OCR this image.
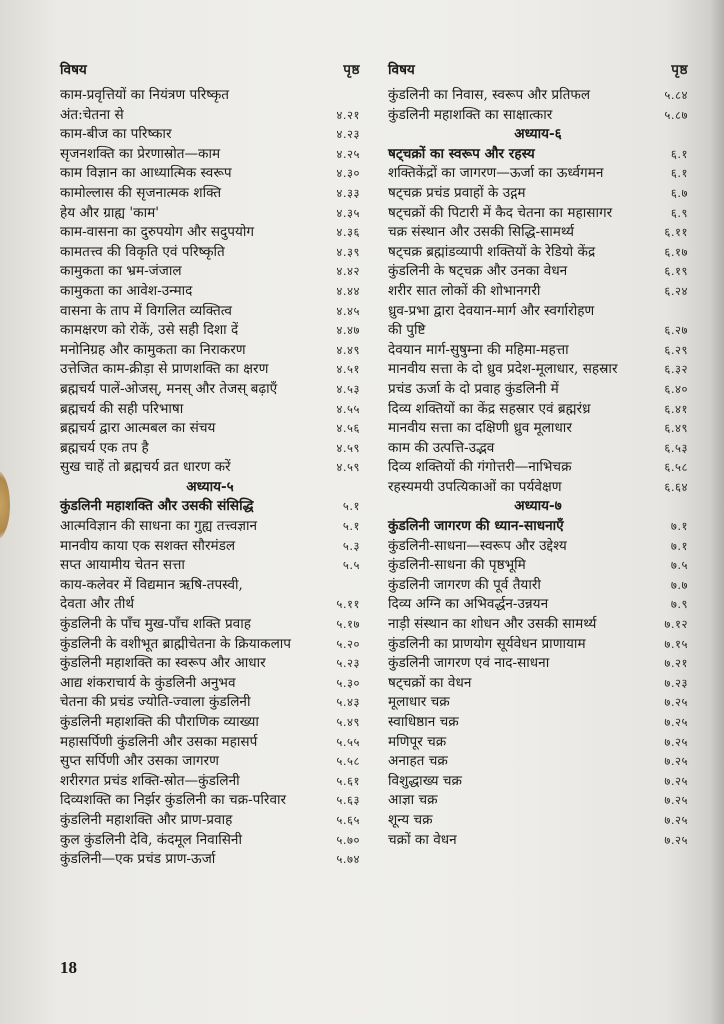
विषय	पृष्ठ
काम-प्रवृत्तियों का नियंत्रण परिष्कृत
अंत:चेतना से	४.२१
काम-बीज का परिष्कार	४.२३
सृजनशक्ति का प्रेरणास्रोत—काम	४.२५
काम विज्ञान का आध्यात्मिक स्वरूप	४.३०
कामोल्लास की सृजनात्मक शक्ति	४.३३
हेय और ग्राह्य 'काम'	४.३५
काम-वासना का दुरुपयोग और सदुपयोग	४.३६
कामतत्त्व की विकृति एवं परिष्कृति	४.३९
कामुकता का भ्रम-जंजाल	४.४२
कामुकता का आवेश-उन्माद	४.४४
वासना के ताप में विगलित व्यक्तित्व	४.४५
कामक्षरण को रोकें, उसे सही दिशा दें	४.४७
मनोनिग्रह और कामुकता का निराकरण	४.४९
उत्तेजित काम-क्रीड़ा से प्राणशक्ति का क्षरण	४.५१
ब्रह्मचर्य पालें-ओजस्, मनस् और तेजस् बढ़ाएँ	४.५३
ब्रह्मचर्य की सही परिभाषा	४.५५
ब्रह्मचर्य द्वारा आत्मबल का संचय	४.५६
ब्रह्मचर्य एक तप है	४.५९
सुख चाहें तो ब्रह्मचर्य व्रत धारण करें	४.५९
अध्याय-५
कुंडलिनी महाशक्ति और उसकी संसिद्धि	५.१
आत्मविज्ञान की साधना का गुह्य तत्त्वज्ञान	५.१
मानवीय काया एक सशक्त सौरमंडल	५.३
सप्त आयामीय चेतन सत्ता	५.५
काय-कलेवर में विद्यमान ऋषि-तपस्वी,
देवता और तीर्थ	५.११
कुंडलिनी के पाँच मुख-पाँच शक्ति प्रवाह	५.१७
कुंडलिनी के वशीभूत ब्राह्मीचेतना के क्रियाकलाप	५.२०
कुंडलिनी महाशक्ति का स्वरूप और आधार	५.२३
आद्य शंकराचार्य के कुंडलिनी अनुभव	५.३०
चेतना की प्रचंड ज्योति-ज्वाला कुंडलिनी	५.४३
कुंडलिनी महाशक्ति की पौराणिक व्याख्या	५.४९
महासर्पिणी कुंडलिनी और उसका महासर्प	५.५५
सुप्त सर्पिणी और उसका जागरण	५.५८
शरीरगत प्रचंड शक्ति-स्रोत—कुंडलिनी	५.६१
दिव्यशक्ति का निर्झर कुंडलिनी का चक्र-परिवार	५.६३
कुंडलिनी महाशक्ति और प्राण-प्रवाह	५.६५
कुल कुंडलिनी देवि, कंदमूल निवासिनी	५.७०
कुंडलिनी—एक प्रचंड प्राण-ऊर्जा	५.७४
विषय	पृष्ठ
कुंडलिनी का निवास, स्वरूप और प्रतिफल	५.८४
कुंडलिनी महाशक्ति का साक्षात्कार	५.८७
अध्याय-६
षट्चक्रों का स्वरूप और रहस्य	६.१
शक्तिकेंद्रों का जागरण—ऊर्जा का ऊर्ध्वगमन	६.१
षट्चक्र प्रचंड प्रवाहों के उद्गम	६.७
षट्चक्रों की पिटारी में कैद चेतना का महासागर	६.९
चक्र संस्थान और उसकी सिद्धि-सामर्थ्य	६.११
षट्चक्र ब्रह्मांडव्यापी शक्तियों के रेडियो केंद्र	६.१७
कुंडलिनी के षट्चक्र और उनका वेधन	६.१९
शरीर सात लोकों की शोभानगरी	६.२४
ध्रुव-प्रभा द्वारा देवयान-मार्ग और स्वर्गारोहण
की पुष्टि	६.२७
देवयान मार्ग-सुषुम्ना की महिमा-महत्ता	६.२९
मानवीय सत्ता के दो ध्रुव प्रदेश-मूलाधार, सहस्रार	६.३२
प्रचंड ऊर्जा के दो प्रवाह कुंडलिनी में	६.४०
दिव्य शक्तियों का केंद्र सहस्रार एवं ब्रह्मरंध्र	६.४१
मानवीय सत्ता का दक्षिणी ध्रुव मूलाधार	६.४९
काम की उत्पत्ति-उद्भव	६.५३
दिव्य शक्तियों की गंगोत्तरी—नाभिचक्र	६.५८
रहस्यमयी उपत्यिकाओं का पर्यवेक्षण	६.६४
अध्याय-७
कुंडलिनी जागरण की ध्यान-साधनाएँ	७.१
कुंडलिनी-साधना—स्वरूप और उद्देश्य	७.१
कुंडलिनी-साधना की पृष्ठभूमि	७.५
कुंडलिनी जागरण की पूर्व तैयारी	७.७
दिव्य अग्नि का अभिवर्द्धन-उन्नयन	७.९
नाड़ी संस्थान का शोधन और उसकी सामर्थ्य	७.१२
कुंडलिनी का प्राणयोग सूर्यवेधन प्राणायाम	७.१५
कुंडलिनी जागरण एवं नाद-साधना	७.२१
षट्चक्रों का वेधन	७.२३
मूलाधार चक्र	७.२५
स्वाधिष्ठान चक्र	७.२५
मणिपूर चक्र	७.२५
अनाहत चक्र	७.२५
विशुद्धाख्य चक्र	७.२५
आज्ञा चक्र	७.२५
शून्य चक्र	७.२५
चक्रों का वेधन	७.२५
18
